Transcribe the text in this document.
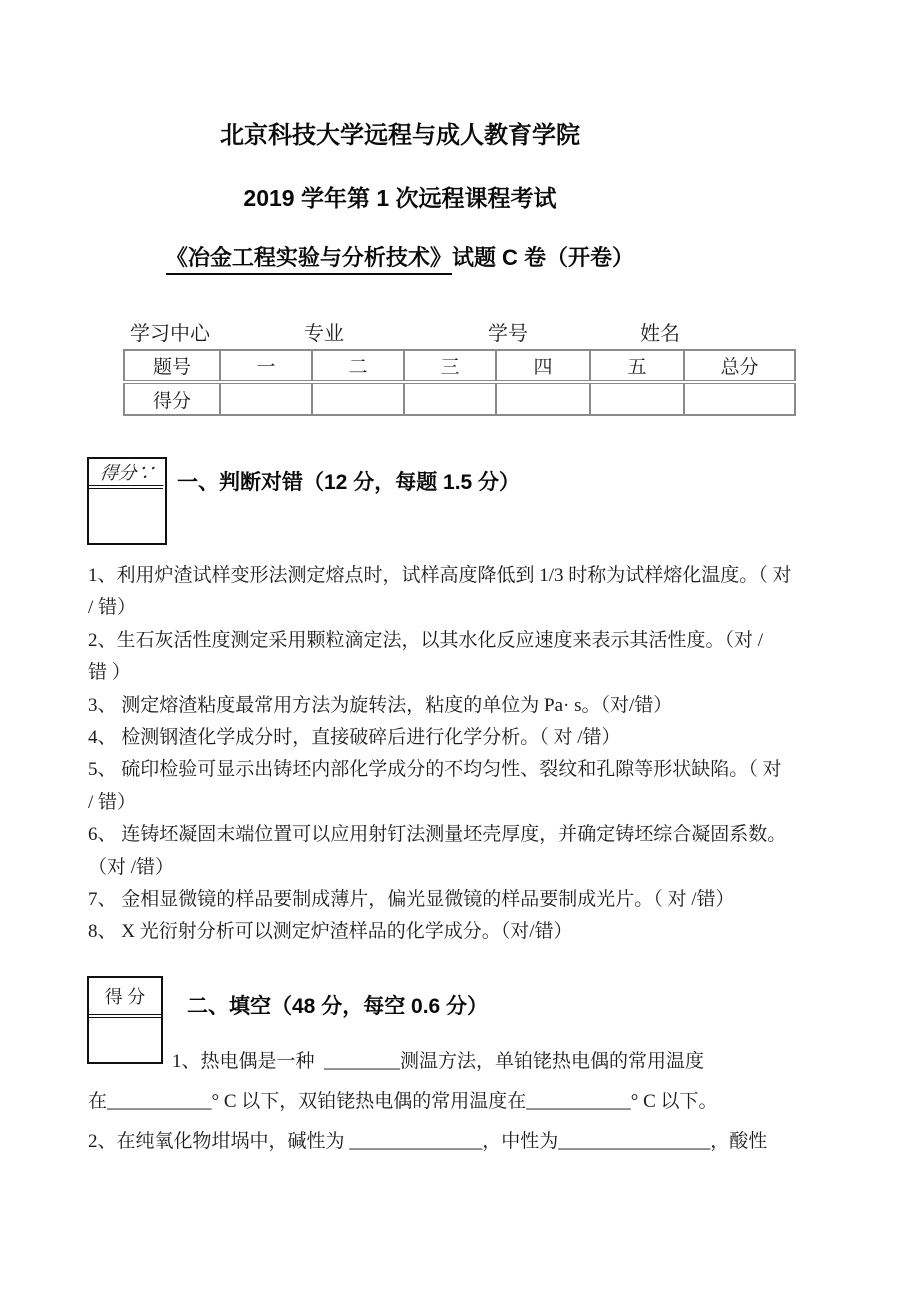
北京科技大学远程与成人教育学院
2019 学年第 1 次远程课程考试
《冶金工程实验与分析技术》试题 C 卷（开卷）
学习中心	专业	学号	姓名
题号	一	二	三	四	五	总分
得分						
得分∵	一、判断对错（12 分，每题 1.5 分）
1、利用炉渣试样变形法测定熔点时，试样高度降低到 1/3 时称为试样熔化温度。（ 对
/ 错）
2、生石灰活性度测定采用颗粒滴定法，以其水化反应速度来表示其活性度。（对 /
错 ）
3、 测定熔渣粘度最常用方法为旋转法，粘度的单位为 Pa· s。（对/错）
4、 检测钢渣化学成分时，直接破碎后进行化学分析。（ 对 /错）
5、 硫印检验可显示出铸坯内部化学成分的不均匀性、裂纹和孔隙等形状缺陷。（ 对
/ 错）
6、 连铸坯凝固末端位置可以应用射钉法测量坯壳厚度，并确定铸坯综合凝固系数。
（对 /错）
7、 金相显微镜的样品要制成薄片，偏光显微镜的样品要制成光片。（ 对 /错）
8、 X 光衍射分析可以测定炉渣样品的化学成分。（对/错）
得 分	二、填空（48 分，每空 0.6 分）
1、热电偶是一种  ________测温方法，单铂铑热电偶的常用温度
在___________° C 以下，双铂铑热电偶的常用温度在___________° C 以下。
2、在纯氧化物坩埚中，碱性为 ______________，中性为________________，酸性
